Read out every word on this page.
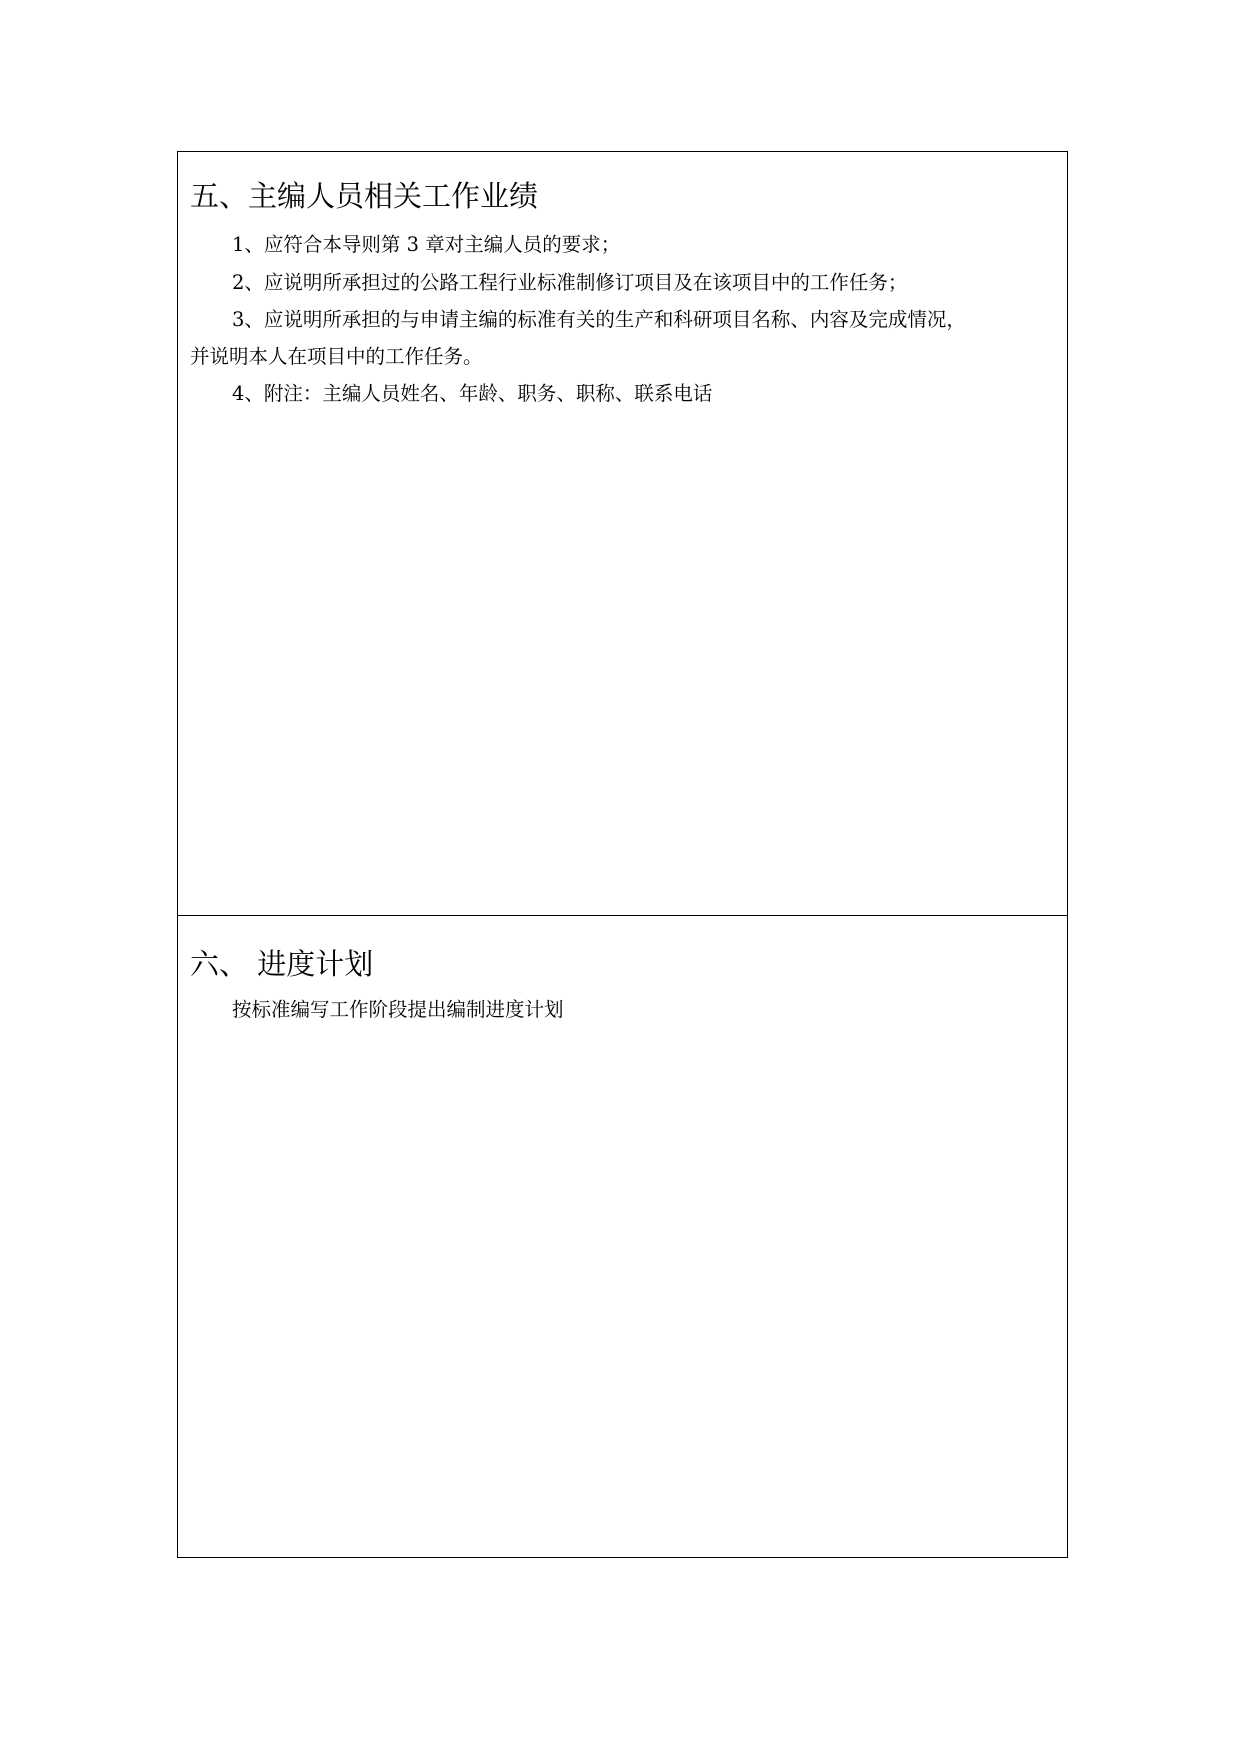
五、主编人员相关工作业绩

1、应符合本导则第 3 章对主编人员的要求；

2、应说明所承担过的公路工程行业标准制修订项目及在该项目中的工作任务；

3、应说明所承担的与申请主编的标准有关的生产和科研项目名称、内容及完成情况，

并说明本人在项目中的工作任务。

4、附注：主编人员姓名、年龄、职务、职称、联系电话

六、 进度计划

按标准编写工作阶段提出编制进度计划
